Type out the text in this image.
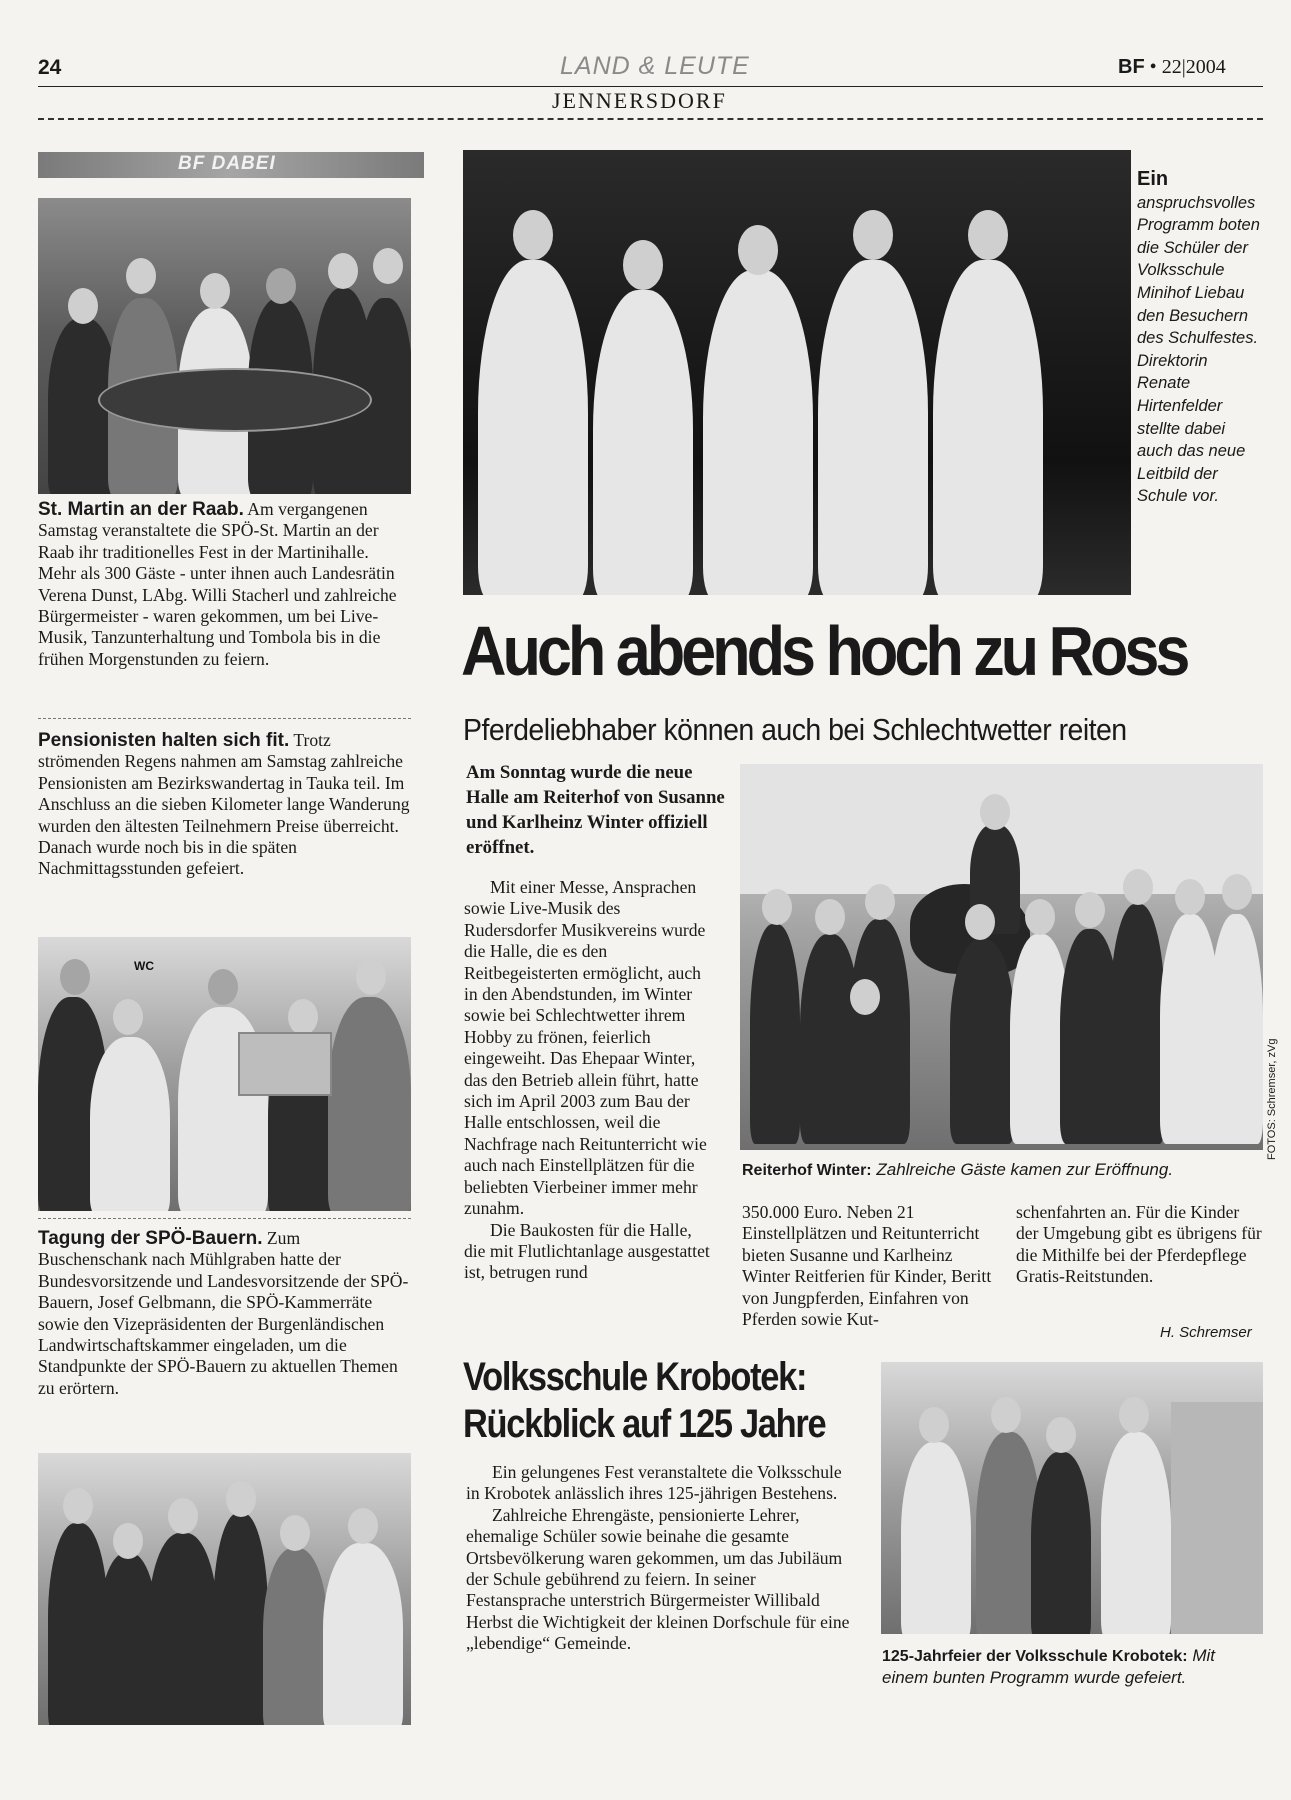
24	LAND & LEUTE	BF • 22|2004
JENNERSDORF
BF DABEI

St. Martin an der Raab. Am vergangenen Samstag veranstaltete die SPÖ-St. Martin an der Raab ihr traditionelles Fest in der Martinihalle. Mehr als 300 Gäste - unter ihnen auch Landesrätin Verena Dunst, LAbg. Willi Stacherl und zahlreiche Bürgermeister - waren gekommen, um bei Live-Musik, Tanzunterhaltung und Tombola bis in die frühen Morgenstunden zu feiern.

Pensionisten halten sich fit. Trotz strömenden Regens nahmen am Samstag zahlreiche Pensionisten am Bezirkswandertag in Tauka teil. Im Anschluss an die sieben Kilometer lange Wanderung wurden den ältesten Teilnehmern Preise überreicht. Danach wurde noch bis in die späten Nachmittagsstunden gefeiert.

WC

Tagung der SPÖ-Bauern. Zum Buschenschank nach Mühlgraben hatte der Bundesvorsitzende und Landesvorsitzende der SPÖ-Bauern, Josef Gelbmann, die SPÖ-Kammerräte sowie den Vizepräsidenten der Burgenländischen Landwirtschaftskammer eingeladen, um die Standpunkte der SPÖ-Bauern zu aktuellen Themen zu erörtern.

Ein anspruchsvolles Programm boten die Schüler der Volksschule Minihof Liebau den Besuchern des Schulfestes. Direktorin Renate Hirtenfelder stellte dabei auch das neue Leitbild der Schule vor.
Auch abends hoch zu Ross
Pferdeliebhaber können auch bei Schlechtwetter reiten
Am Sonntag wurde die neue Halle am Reiterhof von Susanne und Karlheinz Winter offiziell eröffnet.
FOTOS: Schremser, zVg
Reiterhof Winter: Zahlreiche Gäste kamen zur Eröffnung.

Mit einer Messe, Ansprachen sowie Live-Musik des Rudersdorfer Musikvereins wurde die Halle, die es den Reitbegeisterten ermöglicht, auch in den Abendstunden, im Winter sowie bei Schlechtwetter ihrem Hobby zu frönen, feierlich eingeweiht. Das Ehepaar Winter, das den Betrieb allein führt, hatte sich im April 2003 zum Bau der Halle entschlossen, weil die Nachfrage nach Reitunterricht wie auch nach Einstellplätzen für die beliebten Vierbeiner immer mehr zunahm.

Die Baukosten für die Halle, die mit Flutlichtanlage ausgestattet ist, betrugen rund

350.000 Euro. Neben 21 Einstellplätzen und Reitunterricht bieten Susanne und Karlheinz Winter Reitferien für Kinder, Beritt von Jungpferden, Einfahren von Pferden sowie Kut-

schenfahrten an. Für die Kinder der Umgebung gibt es übrigens für die Mithilfe bei der Pferdepflege Gratis-Reitstunden.

H. Schremser
Volksschule Krobotek:
Rückblick auf 125 Jahre

Ein gelungenes Fest veranstaltete die Volksschule in Krobotek anlässlich ihres 125-jährigen Bestehens.

Zahlreiche Ehrengäste, pensionierte Lehrer, ehemalige Schüler sowie beinahe die gesamte Ortsbevölkerung waren gekommen, um das Jubiläum der Schule gebührend zu feiern. In seiner Festansprache unterstrich Bürgermeister Willibald Herbst die Wichtigkeit der kleinen Dorfschule für eine „lebendige“ Gemeinde.

125-Jahrfeier der Volksschule Krobotek: Mit einem bunten Programm wurde gefeiert.
